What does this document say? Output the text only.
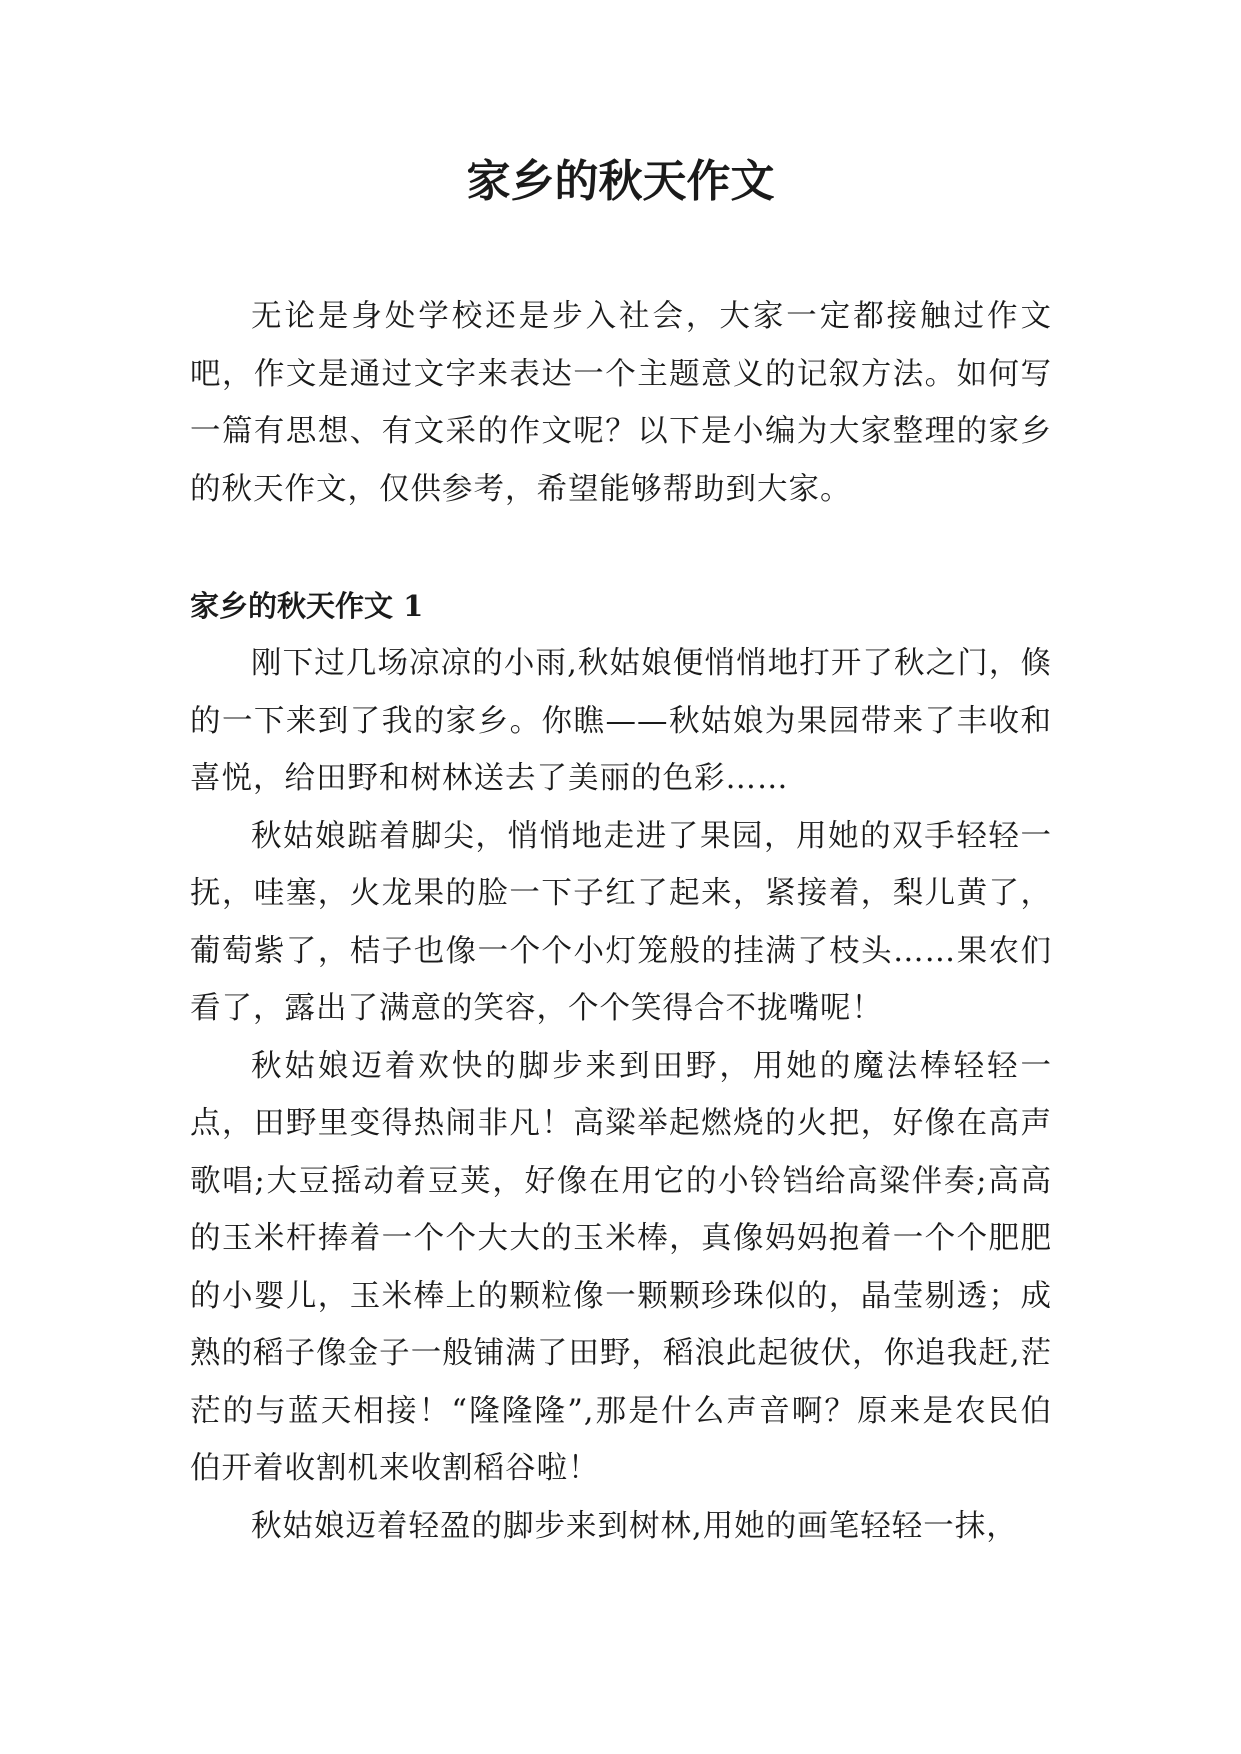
家乡的秋天作文

无论是身处学校还是步入社会，大家一定都接触过作文吧，作文是通过文字来表达一个主题意义的记叙方法。如何写一篇有思想、有文采的作文呢？以下是小编为大家整理的家乡的秋天作文，仅供参考，希望能够帮助到大家。

家乡的秋天作文 1

刚下过几场凉凉的小雨,秋姑娘便悄悄地打开了秋之门，倏的一下来到了我的家乡。你瞧——秋姑娘为果园带来了丰收和喜悦，给田野和树林送去了美丽的色彩……

秋姑娘踮着脚尖，悄悄地走进了果园，用她的双手轻轻一抚，哇塞，火龙果的脸一下子红了起来，紧接着，梨儿黄了，葡萄紫了，桔子也像一个个小灯笼般的挂满了枝头……果农们看了，露出了满意的笑容，个个笑得合不拢嘴呢！

秋姑娘迈着欢快的脚步来到田野，用她的魔法棒轻轻一点，田野里变得热闹非凡！高粱举起燃烧的火把，好像在高声歌唱;大豆摇动着豆荚，好像在用它的小铃铛给高粱伴奏;高高的玉米杆捧着一个个大大的玉米棒，真像妈妈抱着一个个肥肥的小婴儿，玉米棒上的颗粒像一颗颗珍珠似的，晶莹剔透；成熟的稻子像金子一般铺满了田野，稻浪此起彼伏，你追我赶,茫茫的与蓝天相接！“隆隆隆”,那是什么声音啊？原来是农民伯伯开着收割机来收割稻谷啦！

秋姑娘迈着轻盈的脚步来到树林,用她的画笔轻轻一抹，
